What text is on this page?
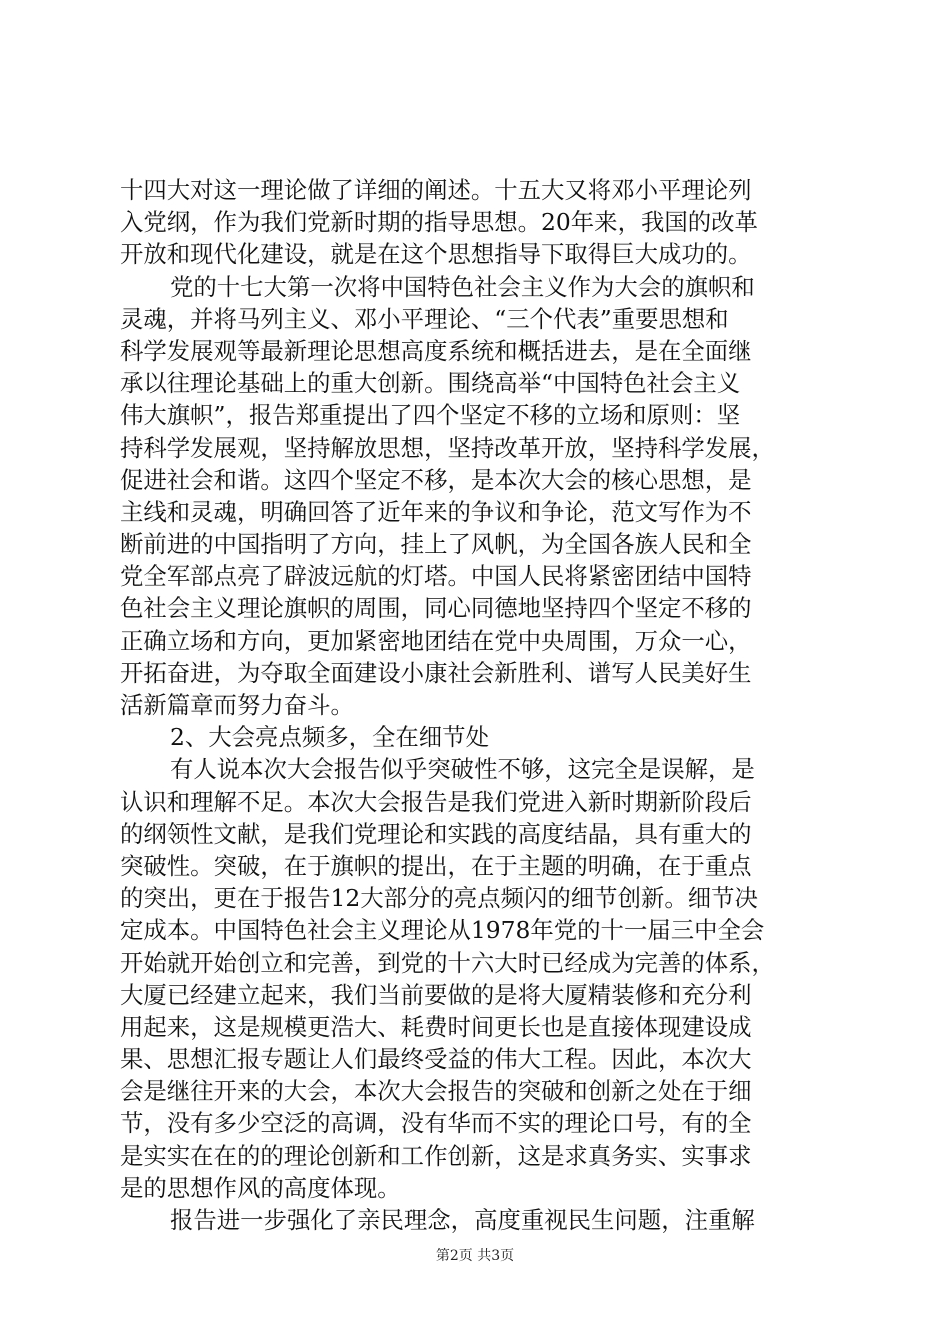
十四大对这一理论做了详细的阐述。十五大又将邓小平理论列
入党纲，作为我们党新时期的指导思想。20年来，我国的改革
开放和现代化建设，就是在这个思想指导下取得巨大成功的。
党的十七大第一次将中国特色社会主义作为大会的旗帜和
灵魂，并将马列主义、邓小平理论、“三个代表”重要思想和
科学发展观等最新理论思想高度系统和概括进去，是在全面继
承以往理论基础上的重大创新。围绕高举“中国特色社会主义
伟大旗帜”，报告郑重提出了四个坚定不移的立场和原则：坚
持科学发展观，坚持解放思想，坚持改革开放，坚持科学发展，
促进社会和谐。这四个坚定不移，是本次大会的核心思想，是
主线和灵魂，明确回答了近年来的争议和争论，范文写作为不
断前进的中国指明了方向，挂上了风帆，为全国各族人民和全
党全军部点亮了辟波远航的灯塔。中国人民将紧密团结中国特
色社会主义理论旗帜的周围，同心同德地坚持四个坚定不移的
正确立场和方向，更加紧密地团结在党中央周围，万众一心，
开拓奋进，为夺取全面建设小康社会新胜利、谱写人民美好生
活新篇章而努力奋斗。
2、大会亮点频多，全在细节处
有人说本次大会报告似乎突破性不够，这完全是误解，是
认识和理解不足。本次大会报告是我们党进入新时期新阶段后
的纲领性文献，是我们党理论和实践的高度结晶，具有重大的
突破性。突破，在于旗帜的提出，在于主题的明确，在于重点
的突出，更在于报告12大部分的亮点频闪的细节创新。细节决
定成本。中国特色社会主义理论从1978年党的十一届三中全会
开始就开始创立和完善，到党的十六大时已经成为完善的体系，
大厦已经建立起来，我们当前要做的是将大厦精装修和充分利
用起来，这是规模更浩大、耗费时间更长也是直接体现建设成
果、思想汇报专题让人们最终受益的伟大工程。因此，本次大
会是继往开来的大会，本次大会报告的突破和创新之处在于细
节，没有多少空泛的高调，没有华而不实的理论口号，有的全
是实实在在的的理论创新和工作创新，这是求真务实、实事求
是的思想作风的高度体现。
报告进一步强化了亲民理念，高度重视民生问题，注重解
第2页 共3页
